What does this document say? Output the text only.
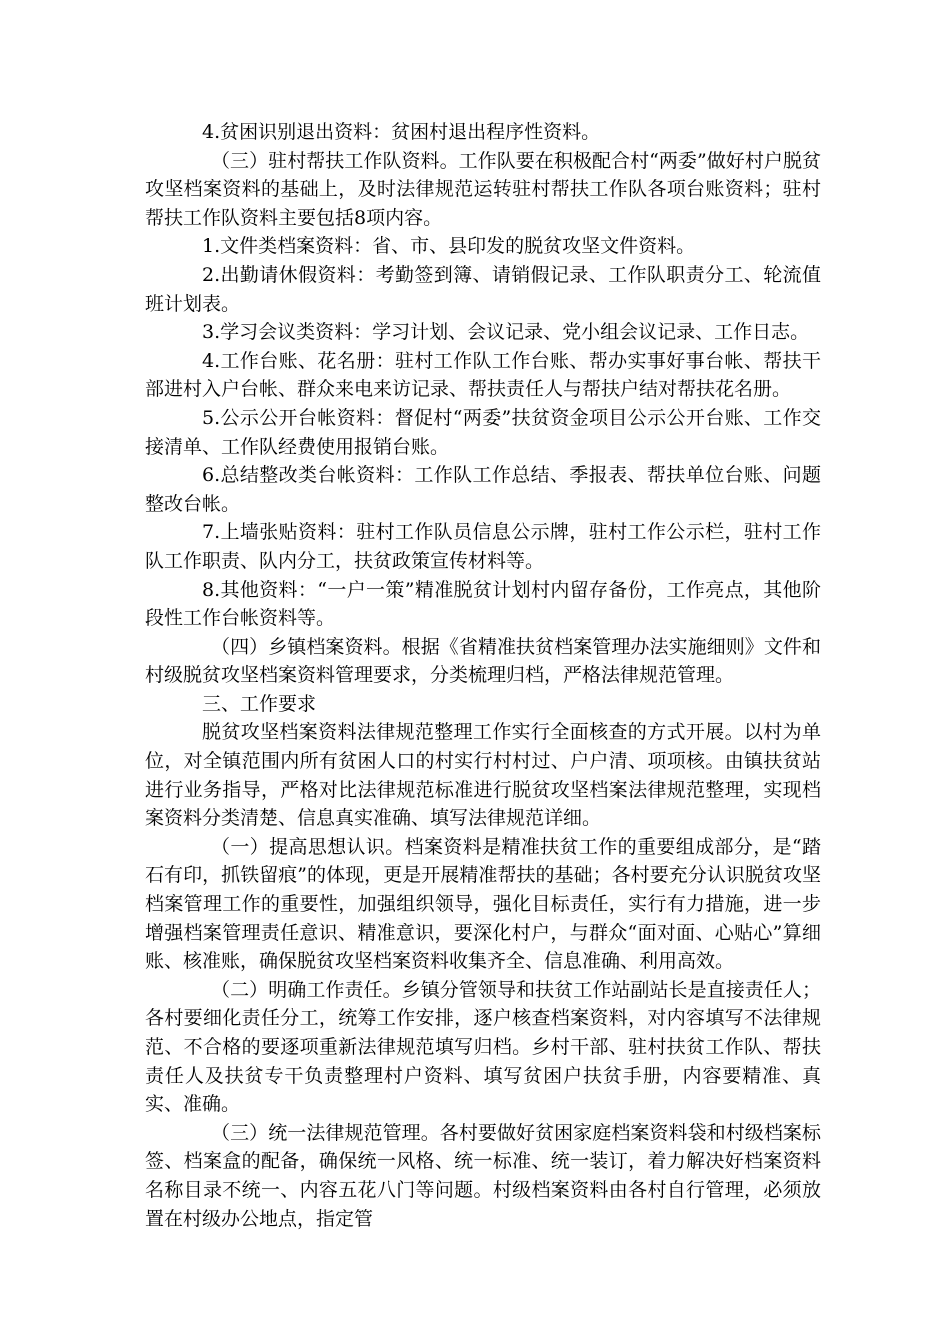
4.贫困识别退出资料：贫困村退出程序性资料。

（三）驻村帮扶工作队资料。工作队要在积极配合村“两委”做好村户脱贫攻坚档案资料的基础上，及时法律规范运转驻村帮扶工作队各项台账资料；驻村帮扶工作队资料主要包括8项内容。

1.文件类档案资料：省、市、县印发的脱贫攻坚文件资料。

2.出勤请休假资料：考勤签到簿、请销假记录、工作队职责分工、轮流值班计划表。

3.学习会议类资料：学习计划、会议记录、党小组会议记录、工作日志。

4.工作台账、花名册：驻村工作队工作台账、帮办实事好事台帐、帮扶干部进村入户台帐、群众来电来访记录、帮扶责任人与帮扶户结对帮扶花名册。

5.公示公开台帐资料：督促村“两委”扶贫资金项目公示公开台账、工作交接清单、工作队经费使用报销台账。

6.总结整改类台帐资料：工作队工作总结、季报表、帮扶单位台账、问题整改台帐。

7.上墙张贴资料：驻村工作队员信息公示牌，驻村工作公示栏，驻村工作队工作职责、队内分工，扶贫政策宣传材料等。

8.其他资料：“一户一策”精准脱贫计划村内留存备份，工作亮点，其他阶段性工作台帐资料等。

（四）乡镇档案资料。根据《省精准扶贫档案管理办法实施细则》文件和村级脱贫攻坚档案资料管理要求，分类梳理归档，严格法律规范管理。

三、工作要求

脱贫攻坚档案资料法律规范整理工作实行全面核查的方式开展。以村为单位，对全镇范围内所有贫困人口的村实行村村过、户户清、项项核。由镇扶贫站进行业务指导，严格对比法律规范标准进行脱贫攻坚档案法律规范整理，实现档案资料分类清楚、信息真实准确、填写法律规范详细。

（一）提高思想认识。档案资料是精准扶贫工作的重要组成部分，是“踏石有印，抓铁留痕”的体现，更是开展精准帮扶的基础；各村要充分认识脱贫攻坚档案管理工作的重要性，加强组织领导，强化目标责任，实行有力措施，进一步增强档案管理责任意识、精准意识，要深化村户，与群众“面对面、心贴心”算细账、核准账，确保脱贫攻坚档案资料收集齐全、信息准确、利用高效。

（二）明确工作责任。乡镇分管领导和扶贫工作站副站长是直接责任人；各村要细化责任分工，统筹工作安排，逐户核查档案资料，对内容填写不法律规范、不合格的要逐项重新法律规范填写归档。乡村干部、驻村扶贫工作队、帮扶责任人及扶贫专干负责整理村户资料、填写贫困户扶贫手册，内容要精准、真实、准确。

（三）统一法律规范管理。各村要做好贫困家庭档案资料袋和村级档案标签、档案盒的配备，确保统一风格、统一标准、统一装订，着力解决好档案资料名称目录不统一、内容五花八门等问题。村级档案资料由各村自行管理，必须放置在村级办公地点，指定管
